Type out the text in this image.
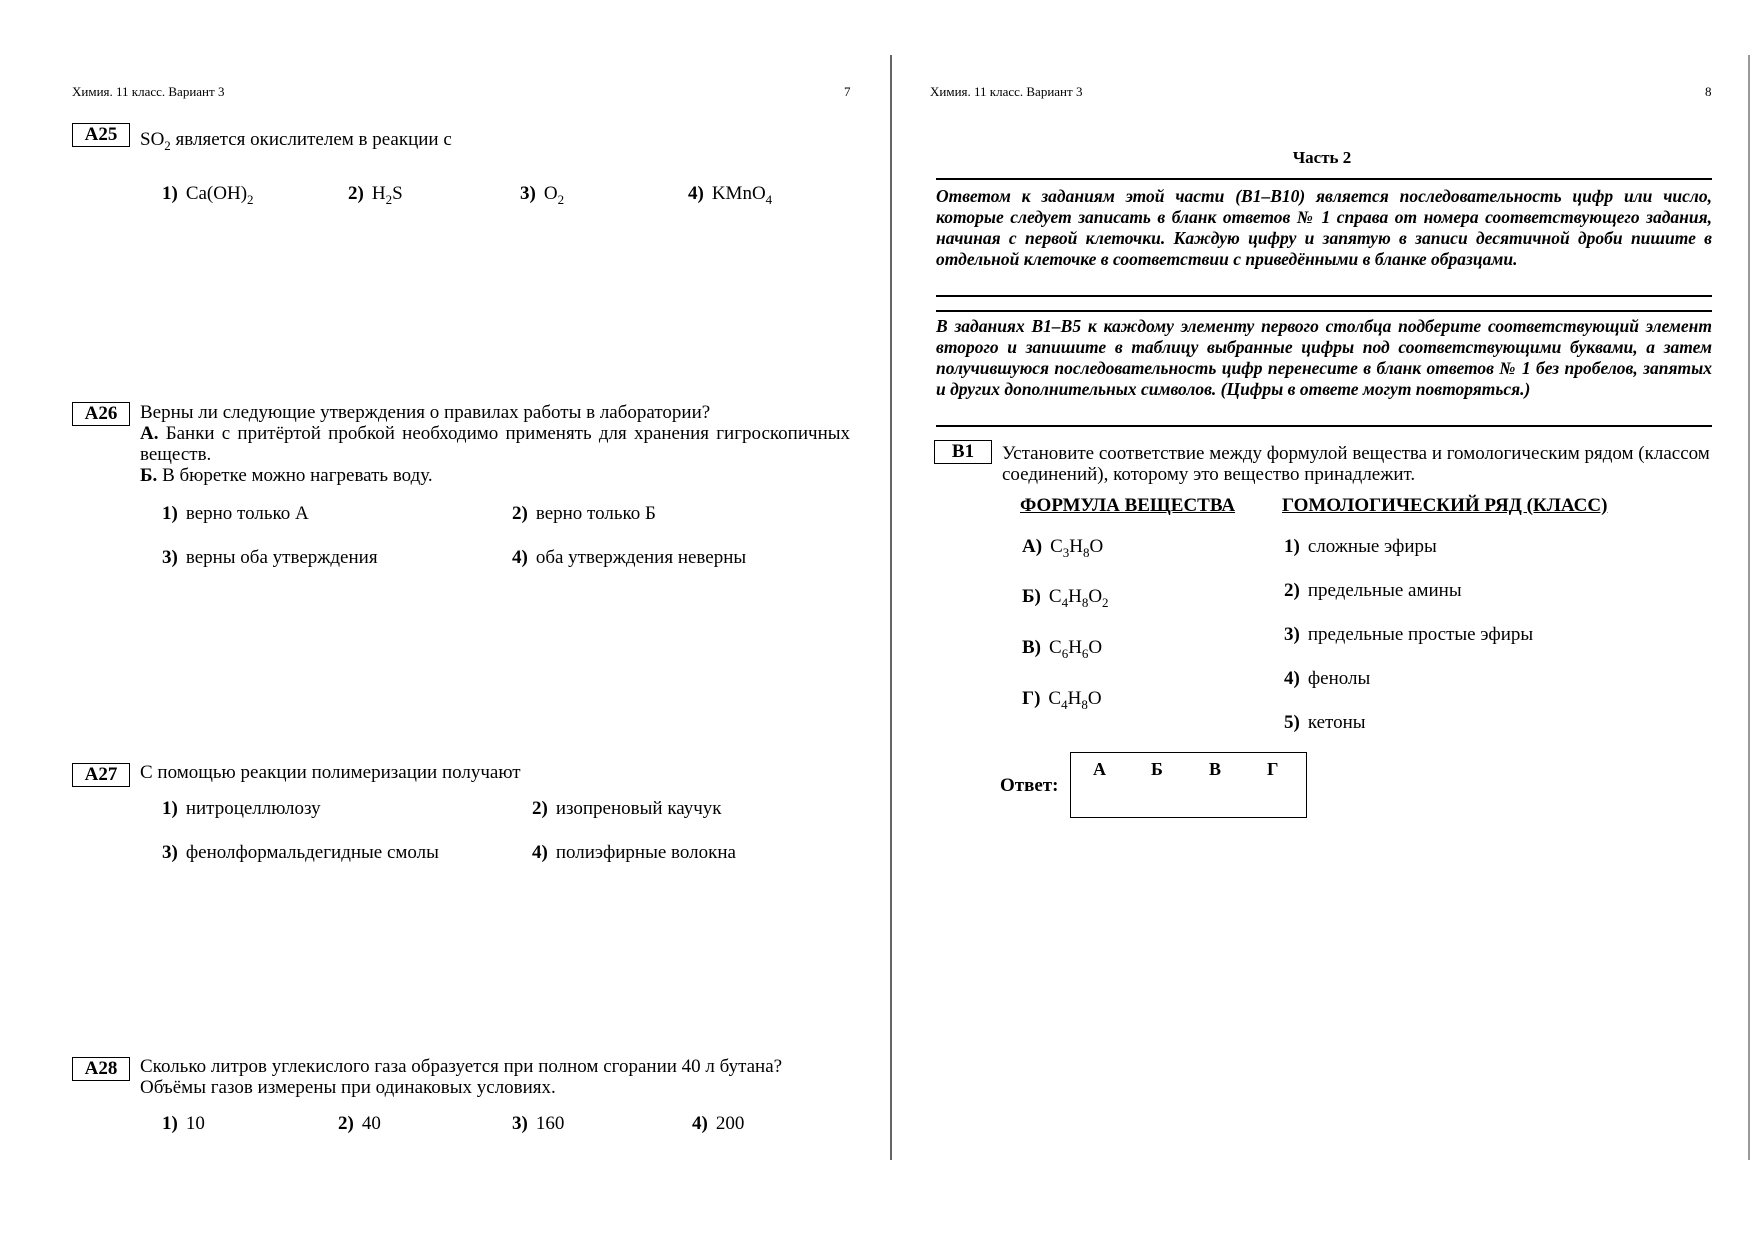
Химия. 11 класс. Вариант 3	7
A25	$SO_2$ является окислителем в реакции с
1) $Ca(OH)_2$	2) $H_2S$	3) $O_2$	4) KMnO$_4$
A26	Верны ли следующие утверждения о правилах работы в лаборатории?
А. Банки с притёртой пробкой необходимо применять для хранения гигроскопичных веществ.
Б. В бюретке можно нагревать воду.
1) верно только А	2) верно только Б
3) верны оба утверждения	4) оба утверждения неверны
A27	С помощью реакции полимеризации получают
1) нитроцеллюлозу	2) изопреновый каучук
3) фенолформальдегидные смолы	4) полиэфирные волокна
A28	Сколько литров углекислого газа образуется при полном сгорании 40 л бутана?
Объёмы газов измерены при одинаковых условиях.
1) 10	2) 40	3) 160	4) 200
Химия. 11 класс. Вариант 3	8
Часть 2
Ответом к заданиям этой части (В1–В10) является последовательность цифр или число, которые следует записать в бланк ответов № 1 справа от номера соответствующего задания, начиная с первой клеточки. Каждую цифру и запятую в записи десятичной дроби пишите в отдельной клеточке в соответствии с приведёнными в бланке образцами.
В заданиях В1–В5 к каждому элементу первого столбца подберите соответствующий элемент второго и запишите в таблицу выбранные цифры под соответствующими буквами, а затем получившуюся последовательность цифр перенесите в бланк ответов № 1 без пробелов, запятых и других дополнительных символов. (Цифры в ответе могут повторяться.)
B1	Установите соответствие между формулой вещества и гомологическим рядом (классом соединений), которому это вещество принадлежит.
ФОРМУЛА ВЕЩЕСТВА ГОМОЛОГИЧЕСКИЙ РЯД (КЛАСС)
А) $C_3H_8O$
Б) $C_4H_8O_2$
В) $C_6H_6O$
Г) $C_4H_8O$
1) сложные эфиры
2) предельные амины
3) предельные простые эфиры
4) фенолы
5) кетоны
Ответ:
А	Б	В	Г
